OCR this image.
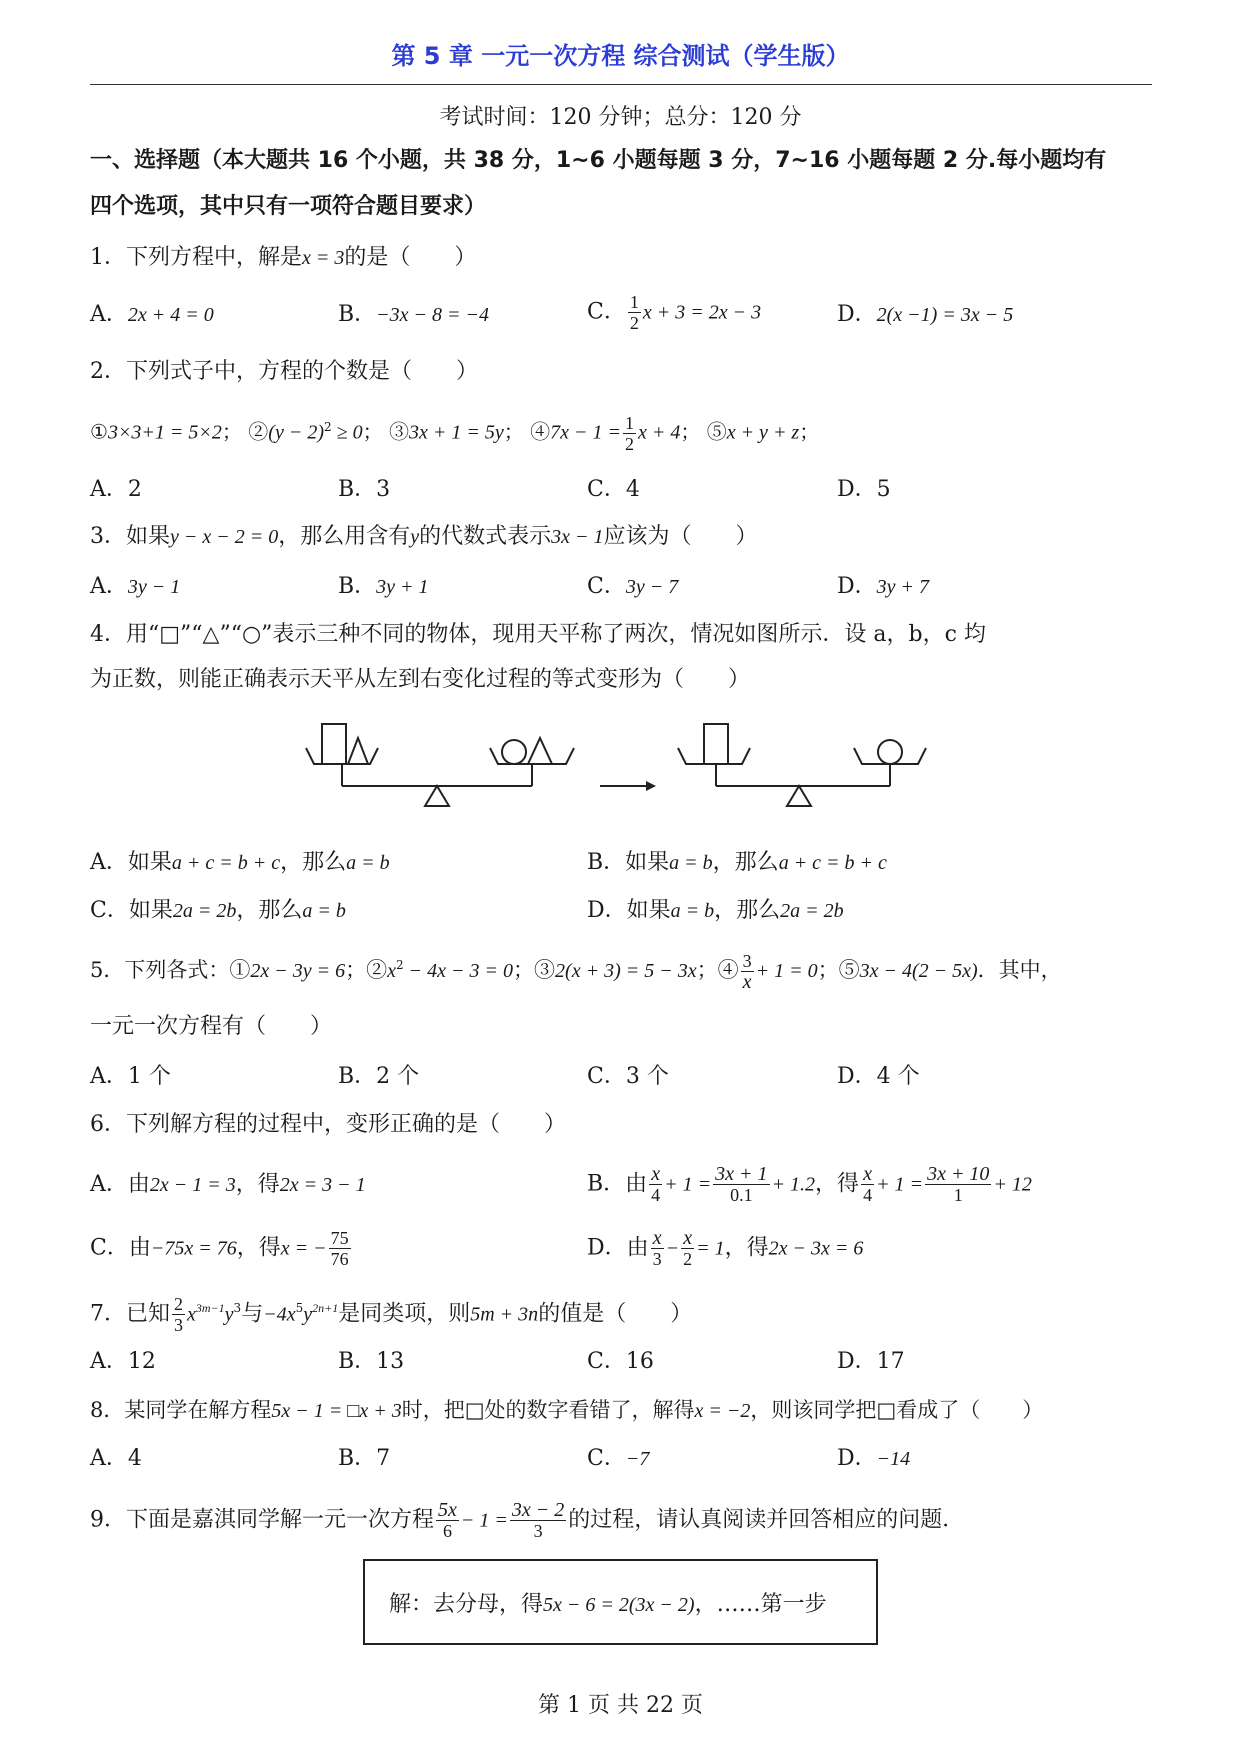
第 5 章 一元一次方程 综合测试（学生版）
考试时间：120 分钟；总分：120 分
一、选择题（本大题共 16 个小题，共 38 分，1~6 小题每题 3 分，7~16 小题每题 2 分.每小题均有
四个选项，其中只有一项符合题目要求）
1．下列方程中，解是x = 3的是（　　）
A．2x + 4 = 0	B．−3x − 8 = −4	C． $\frac{1}{2}$ x + 3 = 2x − 3	D．2(x −1) = 3x − 5
2．下列式子中，方程的个数是（　　）
①3×3+1 = 5×2； ②(y − 2)$^2$ ≥ 0； ③3x + 1 = 5y； ④7x − $1 = \frac{1}{2}$ x + 4； ⑤x + y + z；
A．2	B．3	C．4	D．5
3．如果y − x − 2 = 0，那么用含有y的代数式表示3x − 1应该为（　　）
A．3y − 1	B．3y + 1	C．3y − 7	D．3y + 7
4．用“□”“△”“○”表示三种不同的物体，现用天平称了两次，情况如图所示．设 a，b，c 均
为正数，则能正确表示天平从左到右变化过程的等式变形为（　　）
A．如果a + c = b + c，那么a = b	B．如果a = b，那么a + c = b + c
C．如果2a = 2b，那么a = b	D．如果a = b，那么2a = 2b
5．下列各式：①2x − 3y = 6；$②x^2 - 4x - 3 = 0$；③2(x + 3) = 5 − 3x；④ $\frac{3}{x} + 1 = 0$；⑤3x − 4(2 − 5x)．其中，
一元一次方程有（　　）
A．1 个	B．2 个	C．3 个	D．4 个
6．下列解方程的过程中，变形正确的是（　　）
A．由2x − 1 = 3，得2x = 3 − 1	B．由 $\frac{x}{4} + 1 = \frac{3x + 1}{0.1} + 1.2$，得 $\frac{x}{4} + 1 = \frac{3x + 10}{1} + 12$
C．由−75x = 76，得x = − $\frac{75}{76}$	D．由 $\frac{x}{3} - \frac{x}{2} = 1$，得2x − 3x = 6
7．已知 $\frac{2}{3} x^{3m-1}y^3$与$-4x^5y^{2n+1}$是同类项，则5m + 3n的值是（　　）
A．12	B．13	C．16	D．17
8．某同学在解方程5x − 1 = □x + 3时，把□处的数字看错了，解得x = −2，则该同学把□看成了（　　）
A．4	B．7	C．−7	D．−14
9．下面是嘉淇同学解一元一次方程 $\frac{5x}{6} - 1 = \frac{3x - 2}{3}$ 的过程，请认真阅读并回答相应的问题．
解：去分母，得5x − 6 = 2(3x − 2)，……第一步
第 1 页 共 22 页
